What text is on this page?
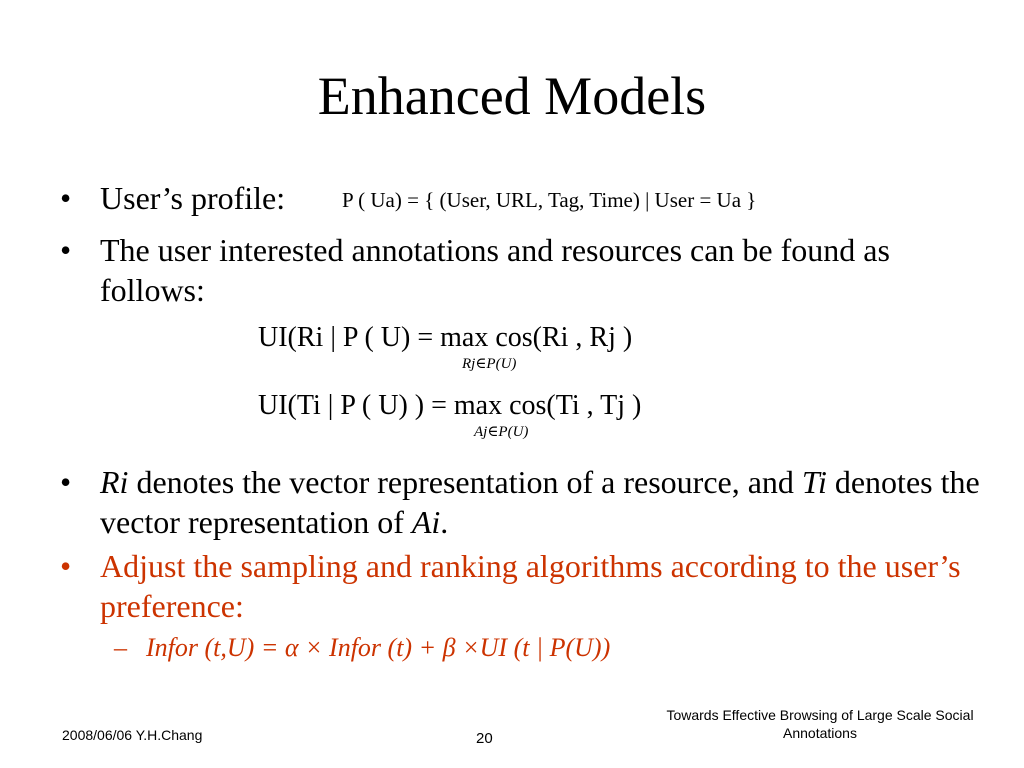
Enhanced Models
• User’s profile:	P ( Ua) = { (User, URL, Tag, Time) | User = Ua }
• The user interested annotations and resources can be found as follows:
UI(Ri | P ( U) = max cos(Ri , Rj )
Rj∈P(U)
UI(Ti | P ( U) ) = max cos(Ti , Tj )
Aj∈P(U)
• Ri denotes the vector representation of a resource, and Ti denotes the vector representation of Ai.
• Adjust the sampling and ranking algorithms according to the user’s preference:
– Infor (t,U) = α × Infor (t) + β ×UI (t | P(U))
2008/06/06 Y.H.Chang	20
Towards Effective Browsing of Large Scale Social Annotations
